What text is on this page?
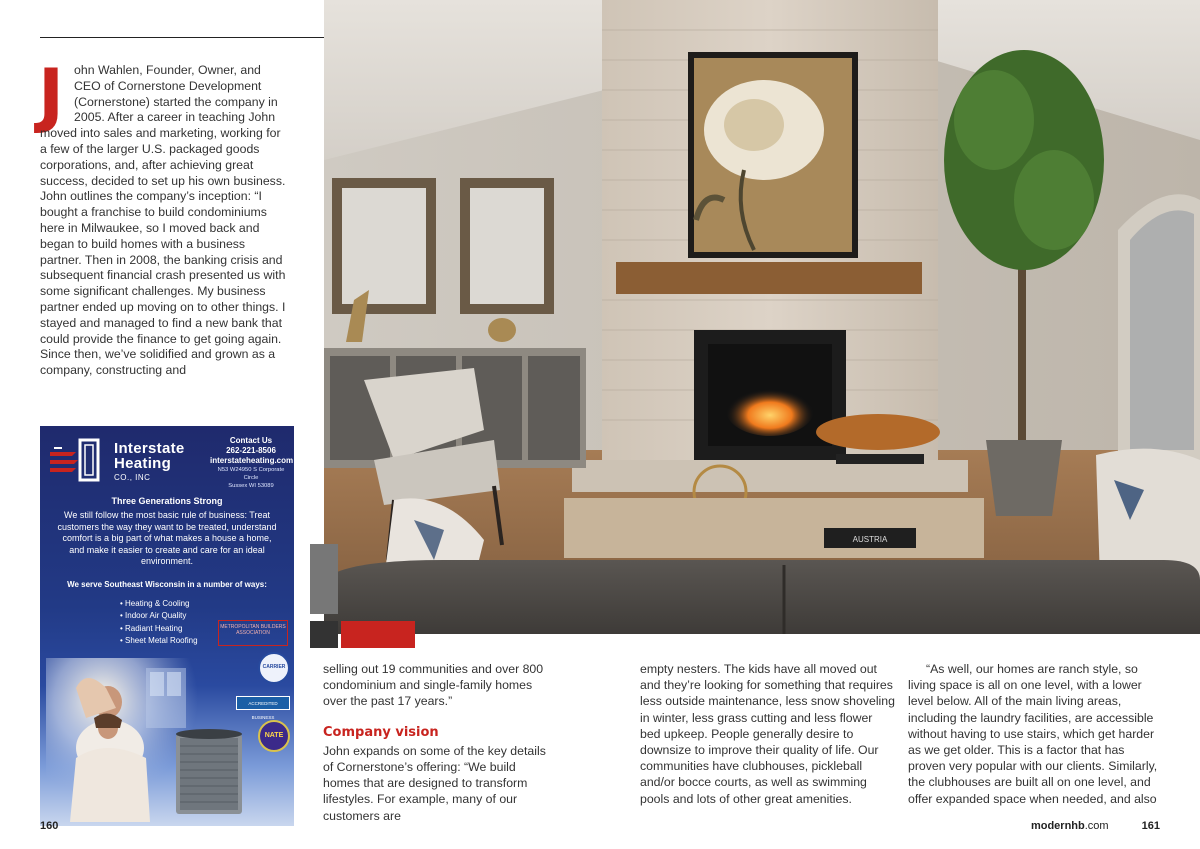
J ohn Wahlen, Founder, Owner, and CEO of Cornerstone Development (Cornerstone) started the company in 2005. After a career in teaching John moved into sales and marketing, working for a few of the larger U.S. packaged goods corporations, and, after achieving great success, decided to set up his own business. John outlines the company’s inception: “I bought a franchise to build condominiums here in Milwaukee, so I moved back and began to build homes with a business partner. Then in 2008, the banking crisis and subsequent financial crash presented us with some significant challenges. My business partner ended up moving on to other things. I stayed and managed to find a new bank that could provide the finance to get going again. Since then, we’ve solidified and grown as a company, constructing and
Interstate
Heating
CO., INC
Contact Us
262-221-8506
interstateheating.com
N53 W24950 S Corporate Circle
Sussex WI 53089
Three Generations Strong
We still follow the most basic rule of business: Treat customers the way they want to be treated, understand comfort is a big part of what makes a house a home, and make it easier to create and care for an ideal environment.
We serve Southeast Wisconsin in a number of ways:
• Heating & Cooling
• Indoor Air Quality
• Radiant Heating
• Sheet Metal Roofing
METROPOLITAN BUILDERS ASSOCIATION
CARRIER
ACCREDITED BUSINESS
NATE
AUSTRIA

selling out 19 communities and over 800 condominium and single-family homes over the past 17 years.”

Company vision

John expands on some of the key details of Cornerstone’s offering: “We build homes that are designed to transform lifestyles. For example, many of our customers are

empty nesters. The kids have all moved out and they’re looking for something that requires less outside maintenance, less snow shoveling in winter, less grass cutting and less flower bed upkeep. People generally desire to downsize to improve their quality of life. Our communities have clubhouses, pickleball and/or bocce courts, as well as swimming pools and lots of other great amenities.

“As well, our homes are ranch style, so living space is all on one level, with a lower level below. All of the main living areas, including the laundry facilities, are accessible without having to use stairs, which get harder as we get older. This is a factor that has proven very popular with our clients. Similarly, the clubhouses are built all on one level, and offer expanded space when needed, and also

160	modernhb.com	161
